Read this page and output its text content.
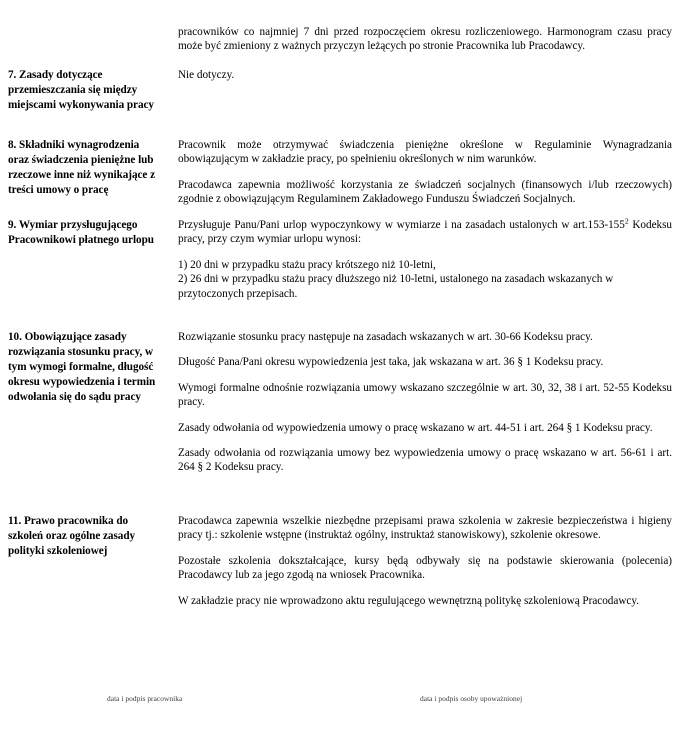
pracowników co najmniej 7 dni przed rozpoczęciem okresu rozliczeniowego. Harmonogram czasu pracy może być zmieniony z ważnych przyczyn leżących po stronie Pracownika lub Pracodawcy.

7. Zasady dotyczące
przemieszczania się między
miejscami wykonywania pracy

Nie dotyczy.

8. Składniki wynagrodzenia
oraz świadczenia pieniężne lub
rzeczowe inne niż wynikające z
treści umowy o pracę

Pracownik może otrzymywać świadczenia pieniężne określone w Regulaminie Wynagradzania obowiązującym w zakładzie pracy, po spełnieniu określonych w nim warunków.

Pracodawca zapewnia możliwość korzystania ze świadczeń socjalnych (finansowych i/lub rzeczowych) zgodnie z obowiązującym Regulaminem Zakładowego Funduszu Świadczeń Socjalnych.

9. Wymiar przysługującego
Pracownikowi płatnego urlopu

Przysługuje Panu/Pani urlop wypoczynkowy w wymiarze i na zasadach ustalonych w $art.153-155^2$ Kodeksu pracy, przy czym wymiar urlopu wynosi:

1) 20 dni w przypadku stażu pracy krótszego niż 10-letni,

2) 26 dni w przypadku stażu pracy dłuższego niż 10-letni, ustalonego na zasadach wskazanych w przytoczonych przepisach.

10. Obowiązujące zasady
rozwiązania stosunku pracy, w
tym wymogi formalne, długość
okresu wypowiedzenia i termin
odwołania się do sądu pracy

Rozwiązanie stosunku pracy następuje na zasadach wskazanych w art. 30-66 Kodeksu pracy.

Długość Pana/Pani okresu wypowiedzenia jest taka, jak wskazana w art. 36 § 1 Kodeksu pracy.

Wymogi formalne odnośnie rozwiązania umowy wskazano szczególnie w art. 30, 32, 38 i art. 52-55 Kodeksu pracy.

Zasady odwołania od wypowiedzenia umowy o pracę wskazano w art. 44-51 i art. 264 § 1 Kodeksu pracy.

Zasady odwołania od rozwiązania umowy bez wypowiedzenia umowy o pracę wskazano w art. 56-61 i art. 264 § 2 Kodeksu pracy.

11. Prawo pracownika do
szkoleń oraz ogólne zasady
polityki szkoleniowej

Pracodawca zapewnia wszelkie niezbędne przepisami prawa szkolenia w zakresie bezpieczeństwa i higieny pracy tj.: szkolenie wstępne (instruktaż ogólny, instruktaż stanowiskowy), szkolenie okresowe.

Pozostałe szkolenia dokształcające, kursy będą odbywały się na podstawie skierowania (polecenia) Pracodawcy lub za jego zgodą na wniosek Pracownika.

W zakładzie pracy nie wprowadzono aktu regulującego wewnętrzną politykę szkoleniową Pracodawcy.

data i podpis pracownika	data i podpis osoby upoważnionej
